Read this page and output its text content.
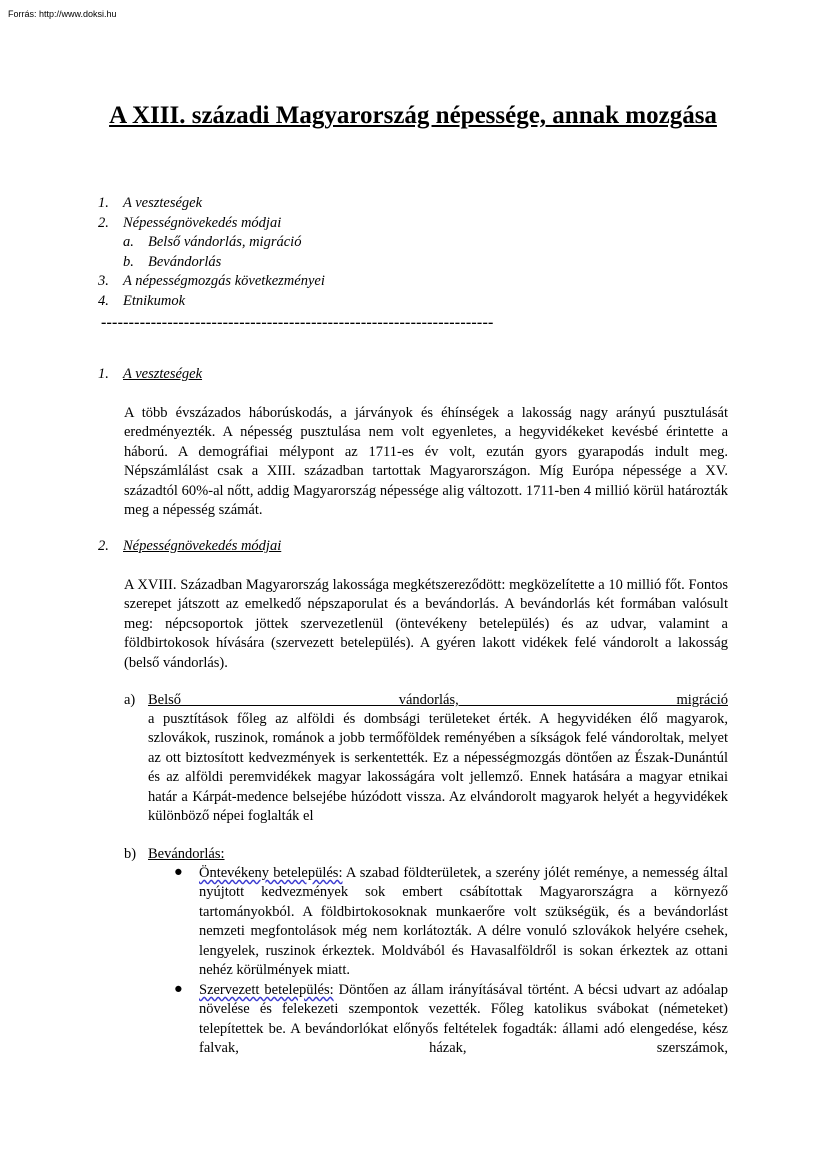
Forrás: http://www.doksi.hu
A XIII. századi Magyarország népessége, annak mozgása
1. A veszteségek
2. Népességnövekedés módjai
a. Belső vándorlás, migráció
b. Bevándorlás
3. A népességmozgás következményei
4. Etnikumok
-----------------------------------------------------------------------
1. A veszteségek

A több évszázados háborúskodás, a járványok és éhínségek a lakosság nagy arányú pusztulását eredményezték. A népesség pusztulása nem volt egyenletes, a hegyvidékeket kevésbé érintette a háború. A demográfiai mélypont az 1711-es év volt, ezután gyors gyarapodás indult meg. Népszámlálást csak a XIII. században tartottak Magyarországon. Míg Európa népessége a XV. századtól 60%-al nőtt, addig Magyarország népessége alig változott. 1711-ben 4 millió körül határozták meg a népesség számát.

2. Népességnövekedés módjai

A XVIII. Században Magyarország lakossága megkétszereződött: megközelítette a 10 millió főt. Fontos szerepet játszott az emelkedő népszaporulat és a bevándorlás. A bevándorlás két formában valósult meg: népcsoportok jöttek szervezetlenül (öntevékeny betelepülés) és az udvar, valamint a földbirtokosok hívására (szervezett betelepülés). A gyéren lakott vidékek felé vándorolt a lakosság (belső vándorlás).

a) Belső vándorlás, migráció

a pusztítások főleg az alföldi és dombsági területeket érték. A hegyvidéken élő magyarok, szlovákok, ruszinok, románok a jobb termőföldek reményében a síkságok felé vándoroltak, melyet az ott biztosított kedvezmények is serkentették. Ez a népességmozgás döntően az Észak-Dunántúl és az alföldi peremvidékek magyar lakosságára volt jellemző. Ennek hatására a magyar etnikai határ a Kárpát-medence belsejébe húzódott vissza. Az elvándorolt magyarok helyét a hegyvidékek különböző népei foglalták el

b) Bevándorlás:
● Öntevékeny betelepülés: A szabad földterületek, a szerény jólét reménye, a nemesség által nyújtott kedvezmények sok embert csábítottak Magyarországra a környező tartományokból. A földbirtokosoknak munkaerőre volt szükségük, és a bevándorlást nemzeti megfontolások még nem korlátozták. A délre vonuló szlovákok helyére csehek, lengyelek, ruszinok érkeztek. Moldvából és Havasalföldről is sokan érkeztek az ottani nehéz körülmények miatt.

● Szervezett betelepülés: Döntően az állam irányításával történt. A bécsi udvart az adóalap növelése és felekezeti szempontok vezették. Főleg katolikus svábokat (németeket) telepítettek be. A bevándorlókat előnyős feltételek fogadták: állami adó elengedése, kész falvak, házak, szerszámok,
